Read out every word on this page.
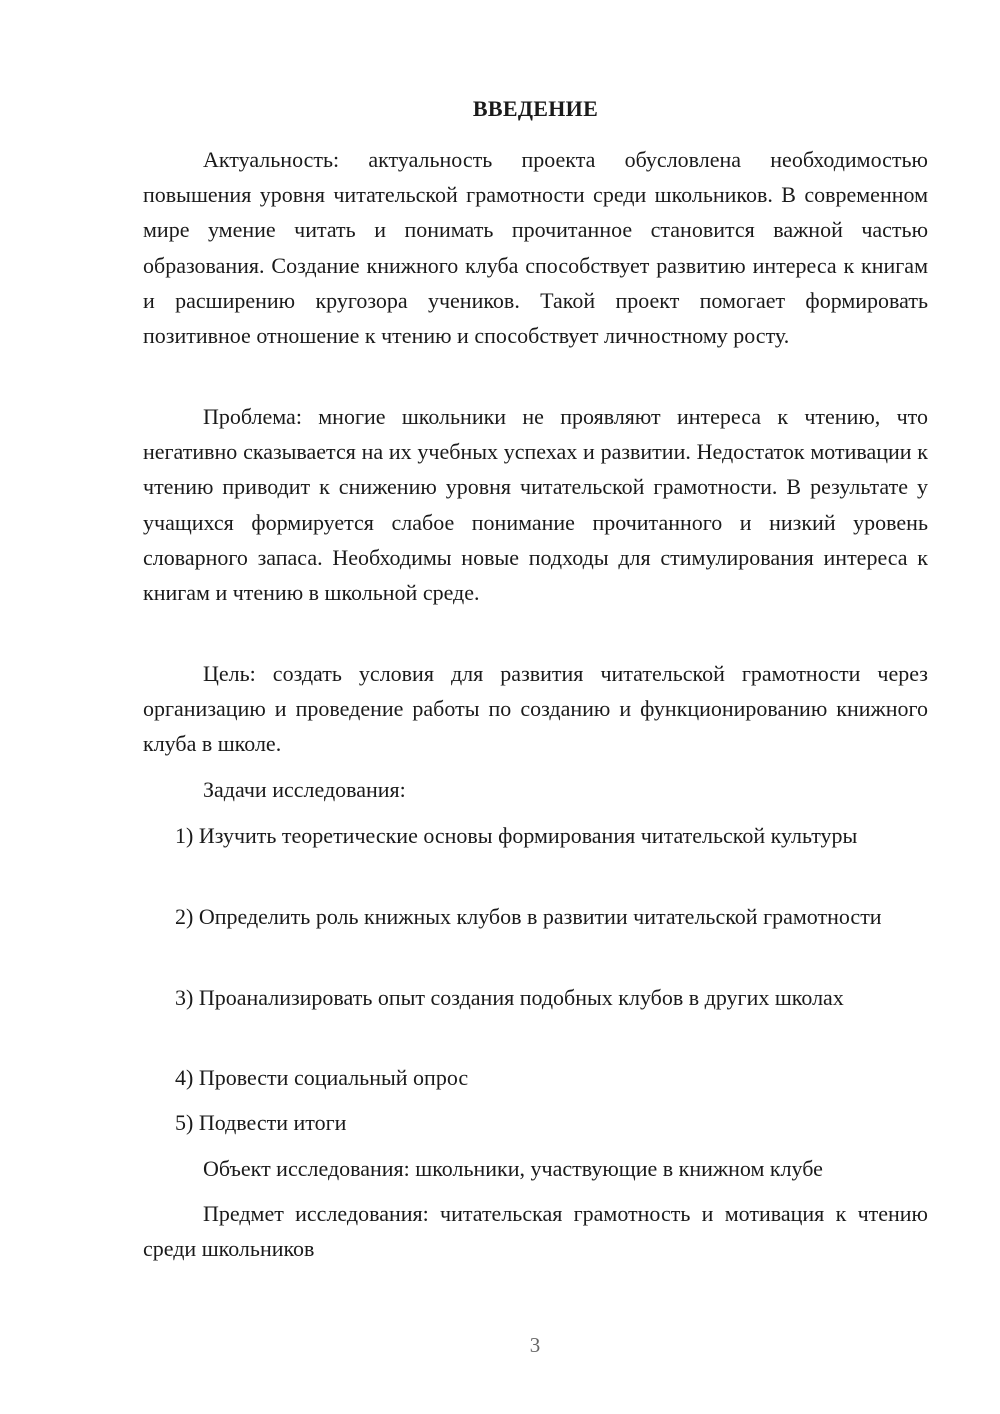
ВВЕДЕНИЕ
Актуальность: актуальность проекта обусловлена необходимостью повышения уровня читательской грамотности среди школьников. В современном мире умение читать и понимать прочитанное становится важной частью образования. Создание книжного клуба способствует развитию интереса к книгам и расширению кругозора учеников. Такой проект помогает формировать позитивное отношение к чтению и способствует личностному росту.
Проблема: многие школьники не проявляют интереса к чтению, что негативно сказывается на их учебных успехах и развитии. Недостаток мотивации к чтению приводит к снижению уровня читательской грамотности. В результате у учащихся формируется слабое понимание прочитанного и низкий уровень словарного запаса. Необходимы новые подходы для стимулирования интереса к книгам и чтению в школьной среде.
Цель: создать условия для развития читательской грамотности через организацию и проведение работы по созданию и функционированию книжного клуба в школе.
Задачи исследования:
1) Изучить теоретические основы формирования читательской культуры
2) Определить роль книжных клубов в развитии читательской грамотности
3) Проанализировать опыт создания подобных клубов в других школах
4) Провести социальный опрос
5) Подвести итоги
Объект исследования: школьники, участвующие в книжном клубе
Предмет исследования: читательская грамотность и мотивация к чтению среди школьников
3
